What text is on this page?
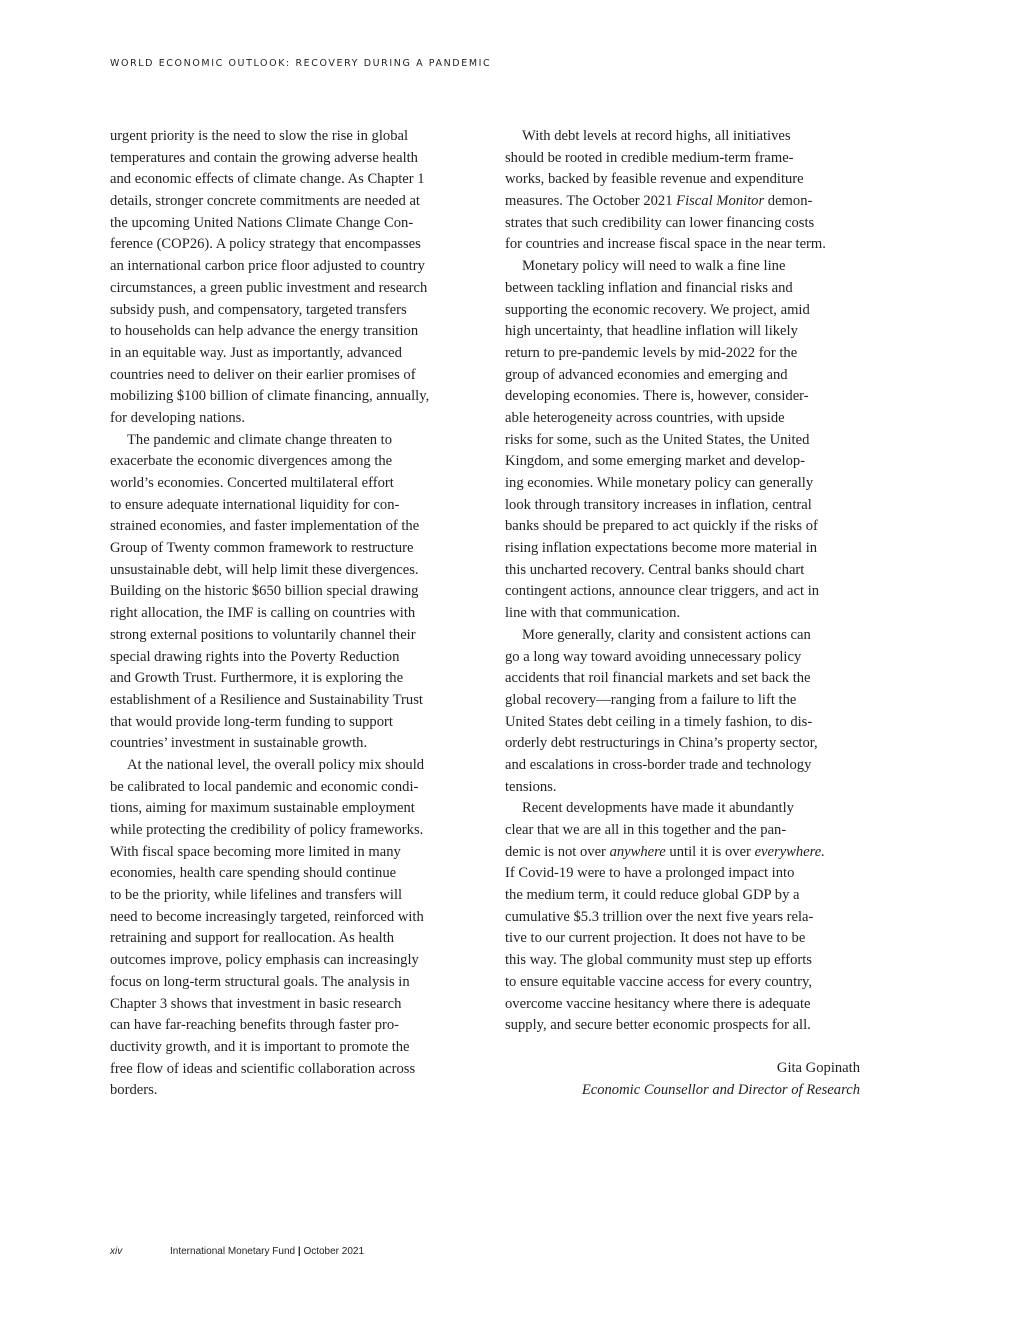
WORLD ECONOMIC OUTLOOK: RECOVERY DURING A PANDEMIC
urgent priority is the need to slow the rise in global
temperatures and contain the growing adverse health
and economic effects of climate change. As Chapter 1
details, stronger concrete commitments are needed at
the upcoming United Nations Climate Change Con-
ference (COP26). A policy strategy that encompasses
an international carbon price floor adjusted to country
circumstances, a green public investment and research
subsidy push, and compensatory, targeted transfers
to households can help advance the energy transition
in an equitable way. Just as importantly, advanced
countries need to deliver on their earlier promises of
mobilizing $100 billion of climate financing, annually,
for developing nations.
The pandemic and climate change threaten to
exacerbate the economic divergences among the
world’s economies. Concerted multilateral effort
to ensure adequate international liquidity for con-
strained economies, and faster implementation of the
Group of Twenty common framework to restructure
unsustainable debt, will help limit these divergences.
Building on the historic $650 billion special drawing
right allocation, the IMF is calling on countries with
strong external positions to voluntarily channel their
special drawing rights into the Poverty Reduction
and Growth Trust. Furthermore, it is exploring the
establishment of a Resilience and Sustainability Trust
that would provide long-term funding to support
countries’ investment in sustainable growth.
At the national level, the overall policy mix should
be calibrated to local pandemic and economic condi-
tions, aiming for maximum sustainable employment
while protecting the credibility of policy frameworks.
With fiscal space becoming more limited in many
economies, health care spending should continue
to be the priority, while lifelines and transfers will
need to become increasingly targeted, reinforced with
retraining and support for reallocation. As health
outcomes improve, policy emphasis can increasingly
focus on long-term structural goals. The analysis in
Chapter 3 shows that investment in basic research
can have far-reaching benefits through faster pro-
ductivity growth, and it is important to promote the
free flow of ideas and scientific collaboration across
borders.
With debt levels at record highs, all initiatives
should be rooted in credible medium-term frame-
works, backed by feasible revenue and expenditure
measures. The October 2021 Fiscal Monitor demon-
strates that such credibility can lower financing costs
for countries and increase fiscal space in the near term.
Monetary policy will need to walk a fine line
between tackling inflation and financial risks and
supporting the economic recovery. We project, amid
high uncertainty, that headline inflation will likely
return to pre-pandemic levels by mid-2022 for the
group of advanced economies and emerging and
developing economies. There is, however, consider-
able heterogeneity across countries, with upside
risks for some, such as the United States, the United
Kingdom, and some emerging market and develop-
ing economies. While monetary policy can generally
look through transitory increases in inflation, central
banks should be prepared to act quickly if the risks of
rising inflation expectations become more material in
this uncharted recovery. Central banks should chart
contingent actions, announce clear triggers, and act in
line with that communication.
More generally, clarity and consistent actions can
go a long way toward avoiding unnecessary policy
accidents that roil financial markets and set back the
global recovery—ranging from a failure to lift the
United States debt ceiling in a timely fashion, to dis-
orderly debt restructurings in China’s property sector,
and escalations in cross-border trade and technology
tensions.
Recent developments have made it abundantly
clear that we are all in this together and the pan-
demic is not over anywhere until it is over everywhere.
If Covid-19 were to have a prolonged impact into
the medium term, it could reduce global GDP by a
cumulative $5.3 trillion over the next five years rela-
tive to our current projection. It does not have to be
this way. The global community must step up efforts
to ensure equitable vaccine access for every country,
overcome vaccine hesitancy where there is adequate
supply, and secure better economic prospects for all.
Gita Gopinath
Economic Counsellor and Director of Research
xiv	International Monetary Fund | October 2021
